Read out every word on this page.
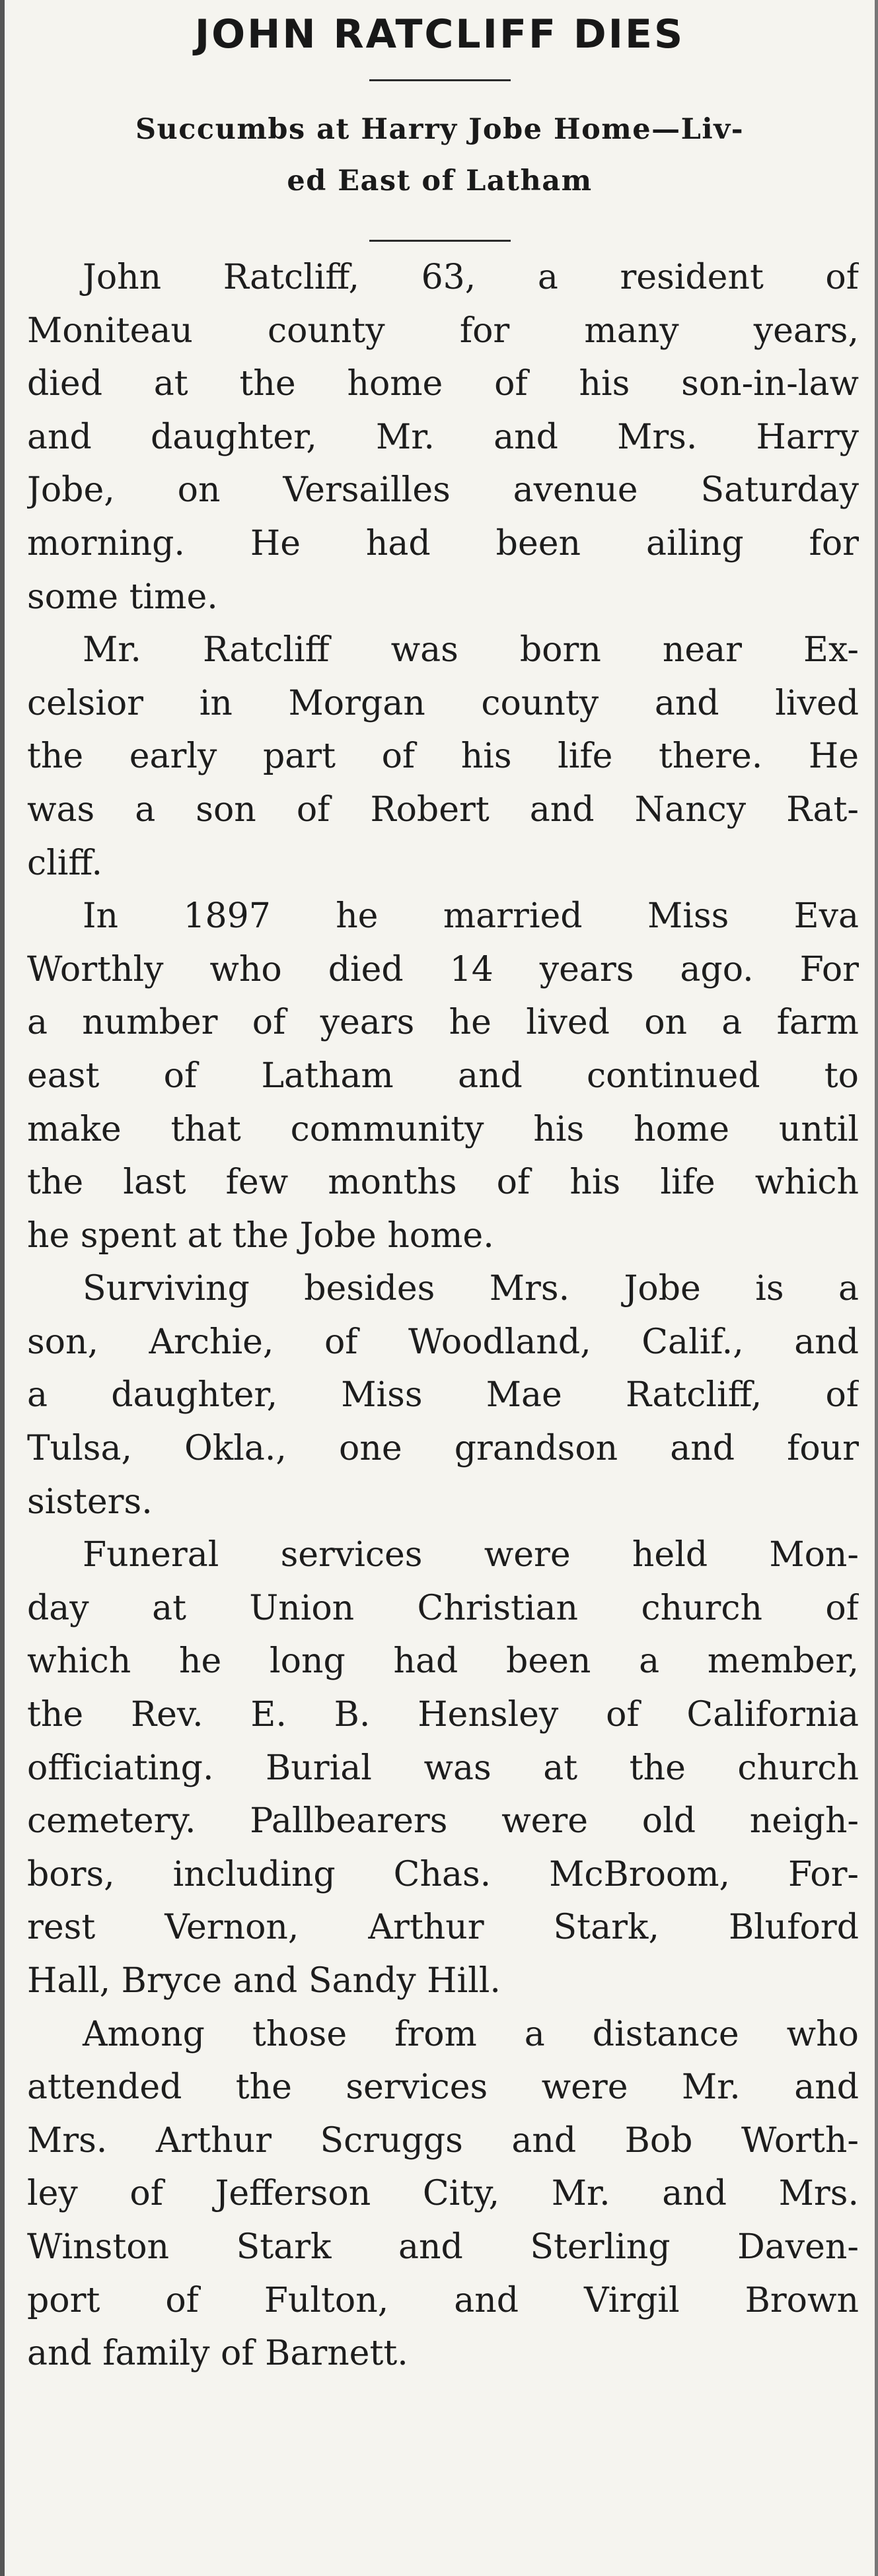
JOHN RATCLIFF DIES
Succumbs at Harry Jobe Home—Liv-
ed East of Latham

John Ratcliff, 63, a resident of
Moniteau county for many years,
died at the home of his son-in-law
and daughter, Mr. and Mrs. Harry
Jobe, on Versailles avenue Saturday
morning. He had been ailing for
some time.

Mr. Ratcliff was born near Ex-
celsior in Morgan county and lived
the early part of his life there. He
was a son of Robert and Nancy Rat-
cliff.

In 1897 he married Miss Eva
Worthly who died 14 years ago. For
a number of years he lived on a farm
east of Latham and continued to
make that community his home until
the last few months of his life which
he spent at the Jobe home.

Surviving besides Mrs. Jobe is a
son, Archie, of Woodland, Calif., and
a daughter, Miss Mae Ratcliff, of
Tulsa, Okla., one grandson and four
sisters.

Funeral services were held Mon-
day at Union Christian church of
which he long had been a member,
the Rev. E. B. Hensley of California
officiating. Burial was at the church
cemetery. Pallbearers were old neigh-
bors, including Chas. McBroom, For-
rest Vernon, Arthur Stark, Bluford
Hall, Bryce and Sandy Hill.

Among those from a distance who
attended the services were Mr. and
Mrs. Arthur Scruggs and Bob Worth-
ley of Jefferson City, Mr. and Mrs.
Winston Stark and Sterling Daven-
port of Fulton, and Virgil Brown
and family of Barnett.
